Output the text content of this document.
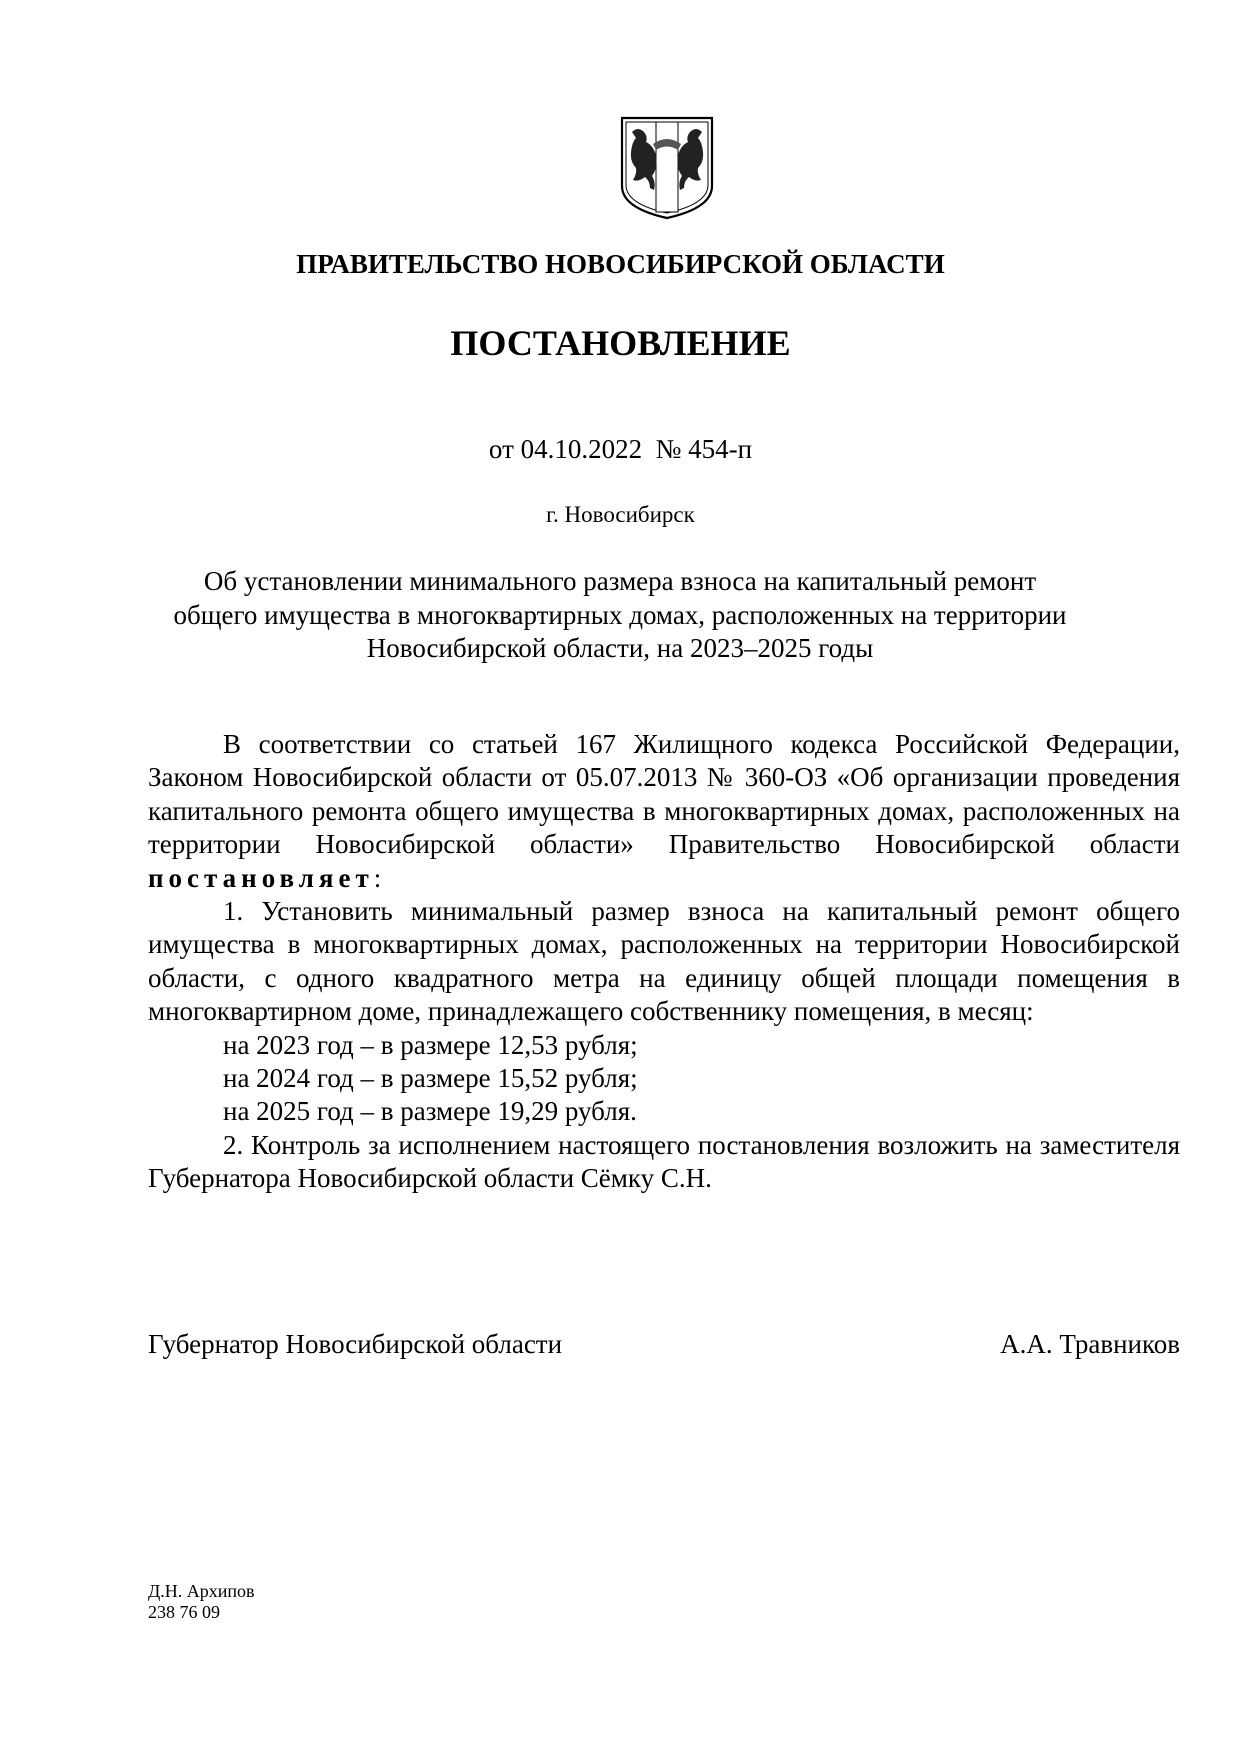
ПРАВИТЕЛЬСТВО НОВОСИБИРСКОЙ ОБЛАСТИ
ПОСТАНОВЛЕНИЕ
от 04.10.2022  № 454-п
г. Новосибирск
Об установлении минимального размера взноса на капитальный ремонт
общего имущества в многоквартирных домах, расположенных на территории
Новосибирской области, на 2023–2025 годы

В соответствии со статьей 167 Жилищного кодекса Российской Федерации, Законом Новосибирской области от 05.07.2013 № 360-ОЗ «Об организации проведения капитального ремонта общего имущества в многоквартирных домах, расположенных на территории Новосибирской области» Правительство Новосибирской области постановляет:

1. Установить минимальный размер взноса на капитальный ремонт общего имущества в многоквартирных домах, расположенных на территории Новосибирской области, с одного квадратного метра на единицу общей площади помещения в многоквартирном доме, принадлежащего собственнику помещения, в месяц:

на 2023 год – в размере 12,53 рубля;

на 2024 год – в размере 15,52 рубля;

на 2025 год – в размере 19,29 рубля.

2. Контроль за исполнением настоящего постановления возложить на заместителя Губернатора Новосибирской области Сёмку С.Н.

Губернатор Новосибирской области	А.А. Травников
Д.Н. Архипов
238 76 09
